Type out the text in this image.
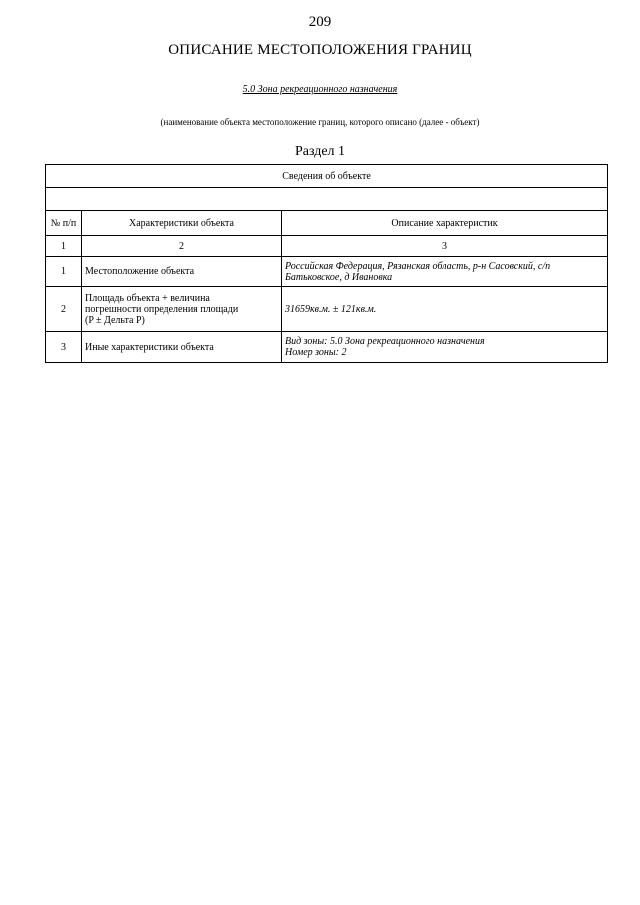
209
ОПИСАНИЕ МЕСТОПОЛОЖЕНИЯ ГРАНИЦ
5.0 Зона рекреационного назначения
(наименование объекта местоположение границ, которого описано (далее - объект)
Раздел 1
Сведения об объекте		

№ п/п	Характеристики объекта	Описание характеристик
1	2	3
1	Местоположение объекта	Российская Федерация, Рязанская область, р-н Сасовский, с/п
Батьковское, д Ивановка

2	Площадь объекта + величина
погрешности определения площади
(P ± Дельта P)	31659кв.м. ± 121кв.м.
3	Иные характеристики объекта	Вид зоны: 5.0 Зона рекреационного назначения
Номер зоны: 2
